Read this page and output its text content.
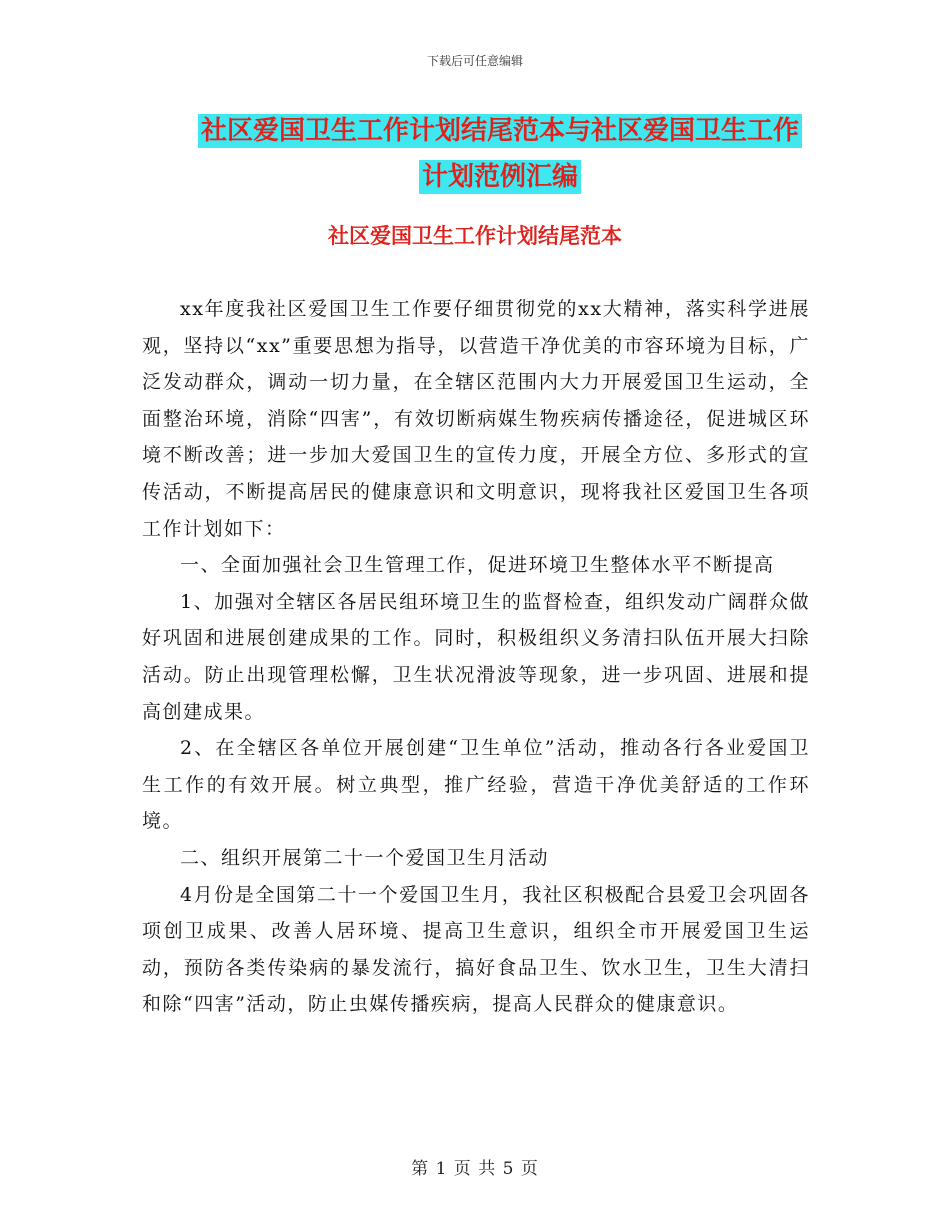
下载后可任意编辑
社区爱国卫生工作计划结尾范本与社区爱国卫生工作
计划范例汇编
社区爱国卫生工作计划结尾范本

xx年度我社区爱国卫生工作要仔细贯彻党的xx大精神，落实科学进展观，坚持以“xx”重要思想为指导，以营造干净优美的市容环境为目标，广泛发动群众，调动一切力量，在全辖区范围内大力开展爱国卫生运动，全面整治环境，消除“四害”，有效切断病媒生物疾病传播途径，促进城区环境不断改善；进一步加大爱国卫生的宣传力度，开展全方位、多形式的宣传活动，不断提高居民的健康意识和文明意识，现将我社区爱国卫生各项工作计划如下：

一、全面加强社会卫生管理工作，促进环境卫生整体水平不断提高

1、加强对全辖区各居民组环境卫生的监督检查，组织发动广阔群众做好巩固和进展创建成果的工作。同时，积极组织义务清扫队伍开展大扫除活动。防止出现管理松懈，卫生状况滑波等现象，进一步巩固、进展和提高创建成果。

2、在全辖区各单位开展创建“卫生单位”活动，推动各行各业爱国卫生工作的有效开展。树立典型，推广经验，营造干净优美舒适的工作环境。

二、组织开展第二十一个爱国卫生月活动

4月份是全国第二十一个爱国卫生月，我社区积极配合县爱卫会巩固各项创卫成果、改善人居环境、提高卫生意识，组织全市开展爱国卫生运动，预防各类传染病的暴发流行，搞好食品卫生、饮水卫生，卫生大清扫和除“四害”活动，防止虫媒传播疾病，提高人民群众的健康意识。

第 1 页 共 5 页
